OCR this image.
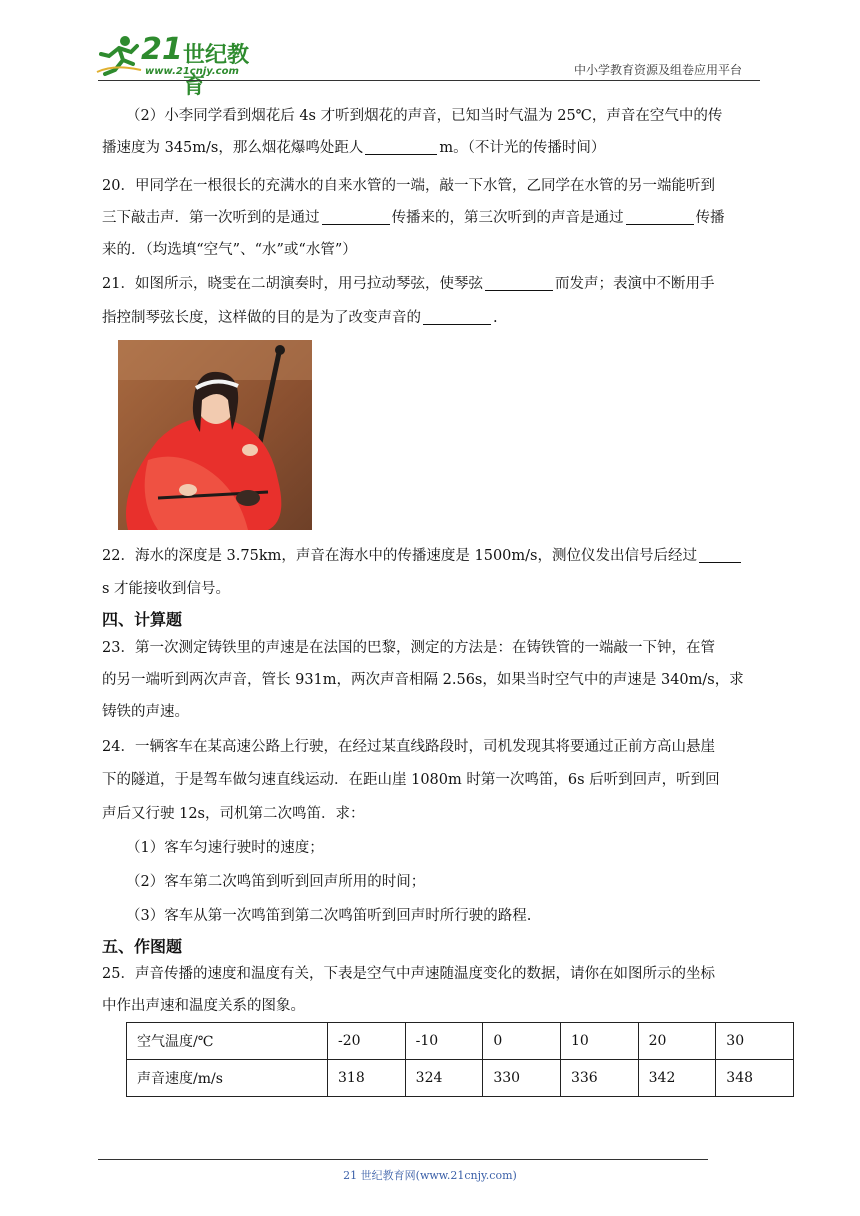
21 世纪教育
www.21cnjy.com	中小学教育资源及组卷应用平台
（2）小李同学看到烟花后 4s 才听到烟花的声音，已知当时气温为 25℃，声音在空气中的传
播速度为 345m/s，那么烟花爆鸣处距人	m。（不计光的传播时间）
20．甲同学在一根很长的充满水的自来水管的一端，敲一下水管，乙同学在水管的另一端能听到
三下敲击声．第一次听到的是通过	传播来的，第三次听到的声音是通过	传播
来的．（均选填“空气”、“水”或“水管”）
21．如图所示，晓雯在二胡演奏时，用弓拉动琴弦，使琴弦	而发声；表演中不断用手
指控制琴弦长度，这样做的目的是为了改变声音的	.
22．海水的深度是 3.75km，声音在海水中的传播速度是 1500m/s，测位仪发出信号后经过
s 才能接收到信号。
四、计算题
23．第一次测定铸铁里的声速是在法国的巴黎，测定的方法是：在铸铁管的一端敲一下钟，在管
的另一端听到两次声音，管长 931m，两次声音相隔 2.56s，如果当时空气中的声速是 340m/s，求
铸铁的声速。
24．一辆客车在某高速公路上行驶，在经过某直线路段时，司机发现其将要通过正前方高山悬崖
下的隧道，于是驾车做匀速直线运动．在距山崖 1080m 时第一次鸣笛，6s 后听到回声，听到回
声后又行驶 12s，司机第二次鸣笛．求：
（1）客车匀速行驶时的速度；
（2）客车第二次鸣笛到听到回声所用的时间；
（3）客车从第一次鸣笛到第二次鸣笛听到回声时所行驶的路程.
五、作图题
25．声音传播的速度和温度有关，下表是空气中声速随温度变化的数据，请你在如图所示的坐标
中作出声速和温度关系的图象。
空气温度/℃	-20	-10	0	10	20	30
声音速度/m/s	318	324	330	336	342	348
21 世纪教育网(www.21cnjy.com)
